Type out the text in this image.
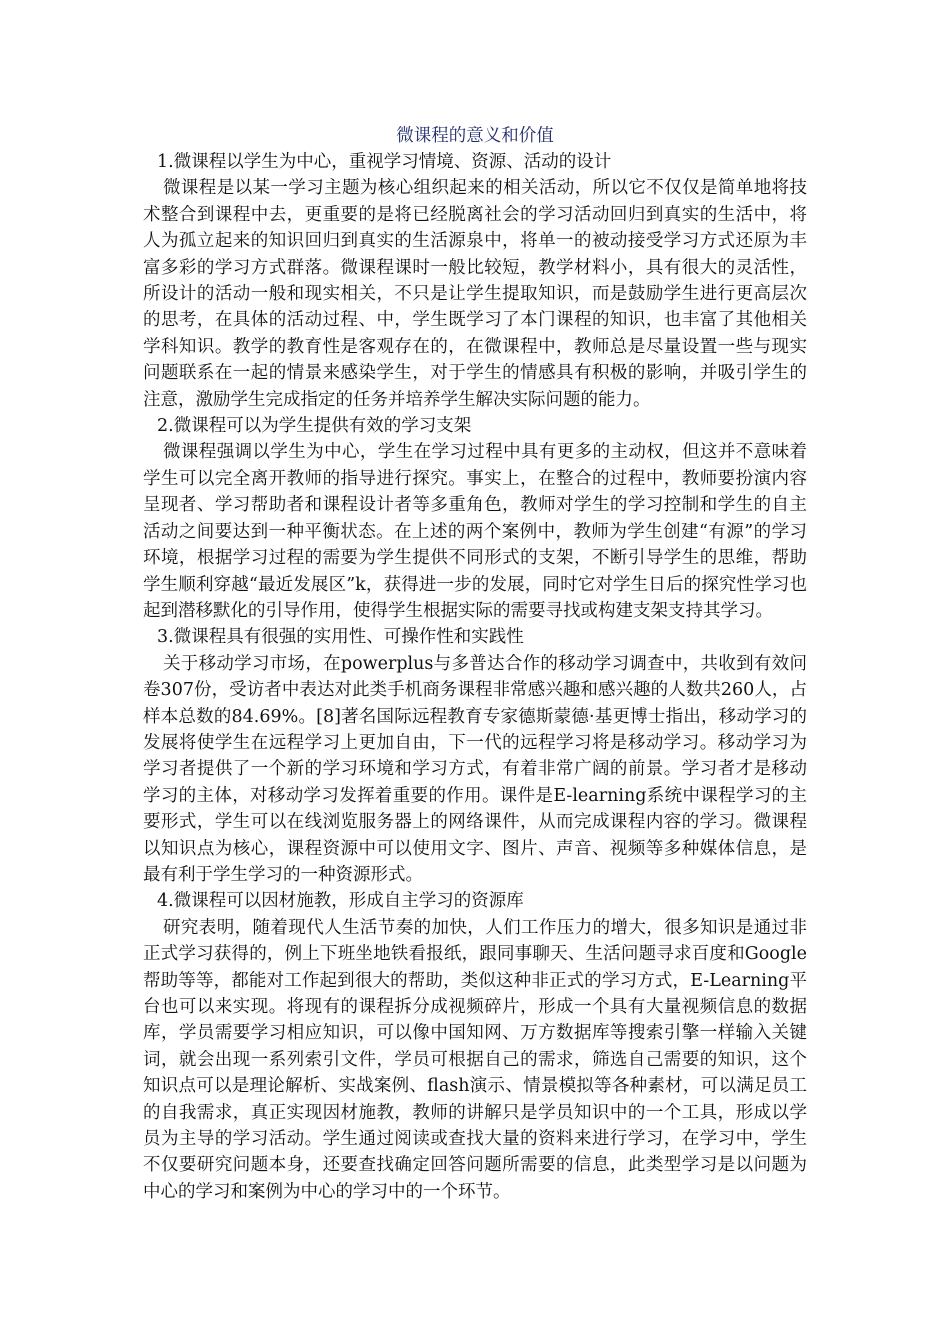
微课程的意义和价值

1.微课程以学生为中心，重视学习情境、资源、活动的设计

微课程是以某一学习主题为核心组织起来的相关活动，所以它不仅仅是简单地将技术整合到课程中去，更重要的是将已经脱离社会的学习活动回归到真实的生活中，将人为孤立起来的知识回归到真实的生活源泉中，将单一的被动接受学习方式还原为丰富多彩的学习方式群落。微课程课时一般比较短，教学材料小，具有很大的灵活性，所设计的活动一般和现实相关，不只是让学生提取知识，而是鼓励学生进行更高层次的思考，在具体的活动过程、中，学生既学习了本门课程的知识，也丰富了其他相关学科知识。教学的教育性是客观存在的，在微课程中，教师总是尽量设置一些与现实问题联系在一起的情景来感染学生，对于学生的情感具有积极的影响，并吸引学生的注意，激励学生完成指定的任务并培养学生解决实际问题的能力。

2.微课程可以为学生提供有效的学习支架

微课程强调以学生为中心，学生在学习过程中具有更多的主动权，但这并不意味着学生可以完全离开教师的指导进行探究。事实上，在整合的过程中，教师要扮演内容呈现者、学习帮助者和课程设计者等多重角色，教师对学生的学习控制和学生的自主活动之间要达到一种平衡状态。在上述的两个案例中，教师为学生创建“有源”的学习环境，根据学习过程的需要为学生提供不同形式的支架，不断引导学生的思维，帮助学生顺利穿越“最近发展区”k，获得进一步的发展，同时它对学生日后的探究性学习也起到潜移默化的引导作用，使得学生根据实际的需要寻找或构建支架支持其学习。

3.微课程具有很强的实用性、可操作性和实践性

关于移动学习市场，在powerplus与多普达合作的移动学习调查中，共收到有效问卷307份，受访者中表达对此类手机商务课程非常感兴趣和感兴趣的人数共260人，占样本总数的84.69%。[8]著名国际远程教育专家德斯蒙德·基更博士指出，移动学习的发展将使学生在远程学习上更加自由，下一代的远程学习将是移动学习。移动学习为学习者提供了一个新的学习环境和学习方式，有着非常广阔的前景。学习者才是移动学习的主体，对移动学习发挥着重要的作用。课件是E-learning系统中课程学习的主要形式，学生可以在线浏览服务器上的网络课件，从而完成课程内容的学习。微课程以知识点为核心，课程资源中可以使用文字、图片、声音、视频等多种媒体信息，是最有利于学生学习的一种资源形式。

4.微课程可以因材施教，形成自主学习的资源库

研究表明，随着现代人生活节奏的加快，人们工作压力的增大，很多知识是通过非正式学习获得的，例上下班坐地铁看报纸，跟同事聊天、生活问题寻求百度和Google帮助等等，都能对工作起到很大的帮助，类似这种非正式的学习方式，E-Learning平台也可以来实现。将现有的课程拆分成视频碎片，形成一个具有大量视频信息的数据库，学员需要学习相应知识，可以像中国知网、万方数据库等搜索引擎一样输入关键词，就会出现一系列索引文件，学员可根据自己的需求，筛选自己需要的知识，这个知识点可以是理论解析、实战案例、flash演示、情景模拟等各种素材，可以满足员工的自我需求，真正实现因材施教，教师的讲解只是学员知识中的一个工具，形成以学员为主导的学习活动。学生通过阅读或查找大量的资料来进行学习，在学习中，学生不仅要研究问题本身，还要查找确定回答问题所需要的信息，此类型学习是以问题为中心的学习和案例为中心的学习中的一个环节。
